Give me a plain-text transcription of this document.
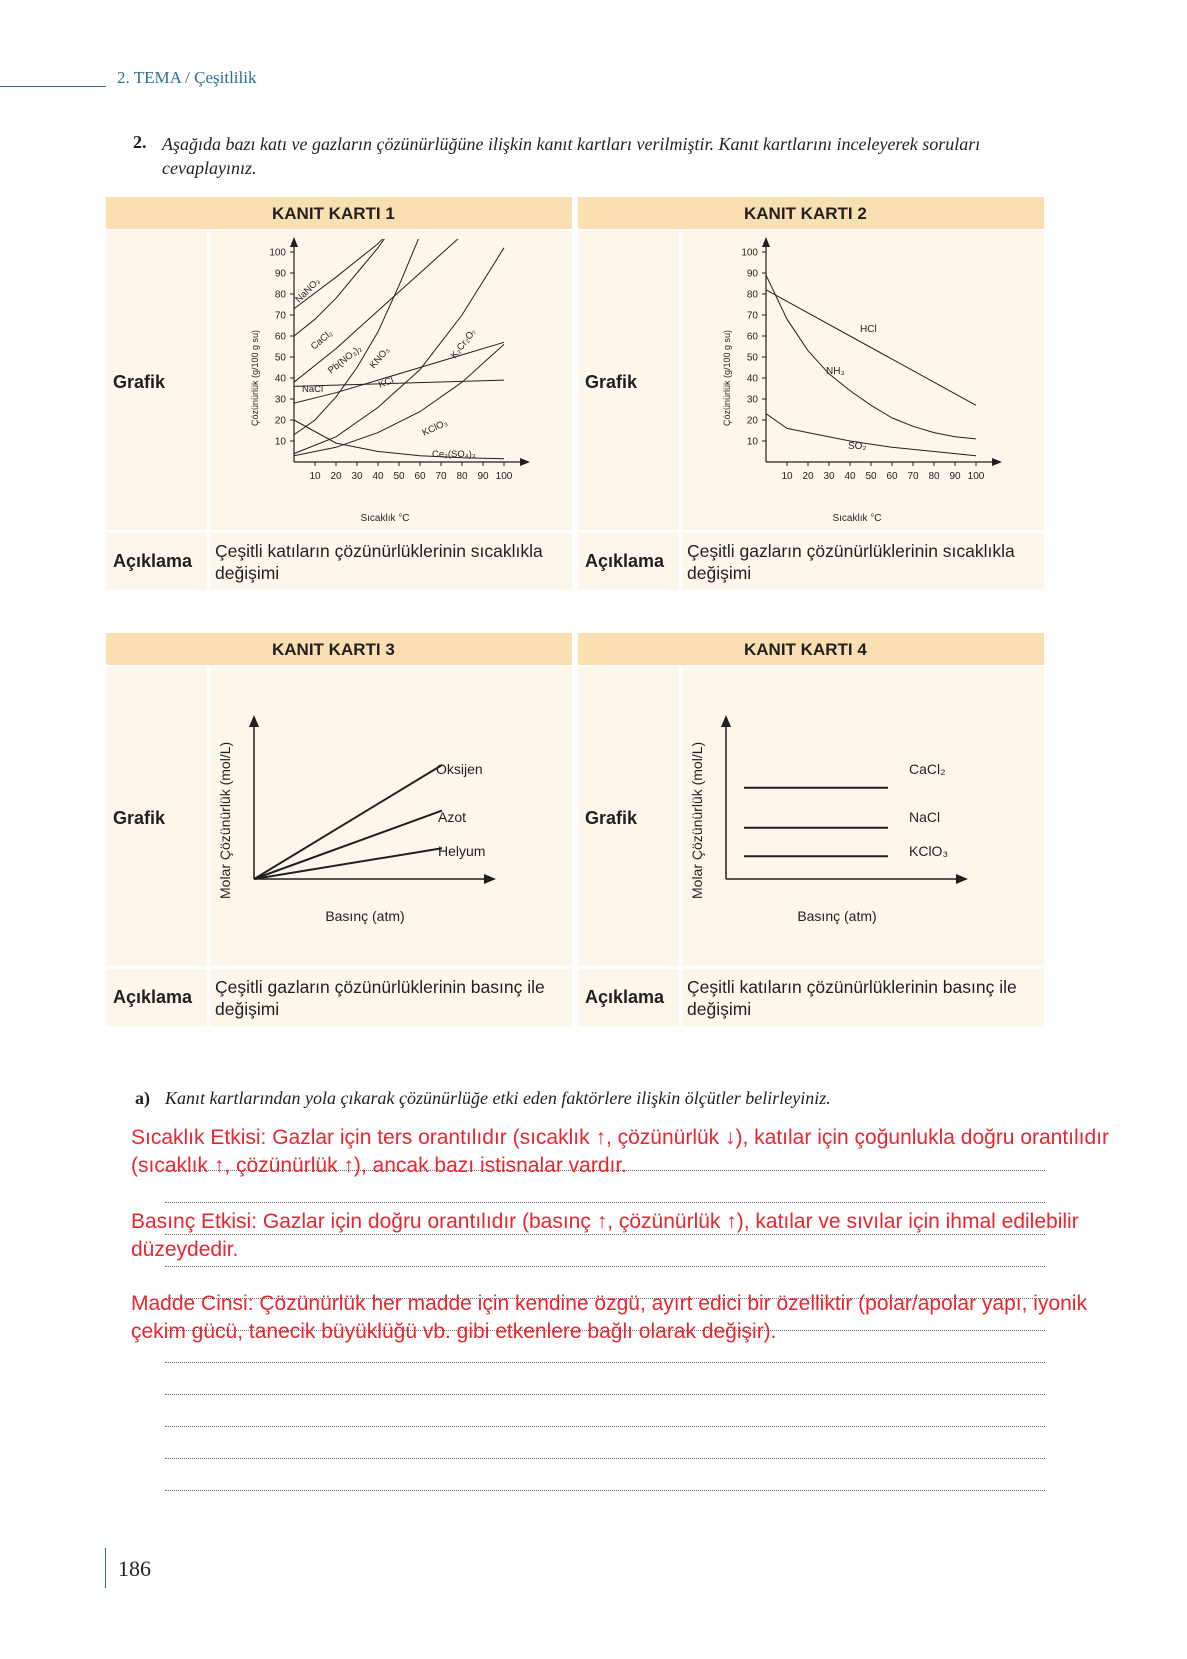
2. TEMA / Çeşitlilik
2. Aşağıda bazı katı ve gazların çözünürlüğüne ilişkin kanıt kartları verilmiştir. Kanıt kartlarını inceleyerek soruları cevaplayınız.
KANIT KARTI 1
Grafik
10
20
30
40
50
60
70
80
90
100
10 20 30 40 50 60 70 80 90 100
Çözünürlük (g/100 g su)
Sıcaklık °C
NaNO₃
CaCl₂
Pb(NO₃)₂ KNO₃	K₂Cr₂O₇
KCl
NaCl
KClO₃
Ce₂(SO₄)₃
Açıklama Çeşitli katıların çözünürlüklerinin sıcaklıkla değişimi
KANIT KARTI 2
Grafik
10
20
30
40
50
60
70
80
90
100
10 20 30 40 50 60 70 80 90 100
Çözünürlük (g/100 g su)
Sıcaklık °C
HCl
NH₃
SO₂
Açıklama Çeşitli gazların çözünürlüklerinin sıcaklıkla değişimi
KANIT KARTI 3
Grafik	Molar Çözünürlük (mol/L)
Basınç (atm)
Oksijen
Azot
Helyum
Açıklama Çeşitli gazların çözünürlüklerinin basınç ile değişimi
KANIT KARTI 4
Grafik	Molar Çözünürlük (mol/L)
Basınç (atm)
CaCl₂
NaCl
KClO₃
Açıklama Çeşitli katıların çözünürlüklerinin basınç ile değişimi
a) Kanıt kartlarından yola çıkarak çözünürlüğe etki eden faktörlere ilişkin ölçütler belirleyiniz.
Sıcaklık Etkisi: Gazlar için ters orantılıdır (sıcaklık ↑, çözünürlük ↓), katılar için çoğunlukla doğru orantılıdır (sıcaklık ↑, çözünürlük ↑), ancak bazı istisnalar vardır.
Basınç Etkisi: Gazlar için doğru orantılıdır (basınç ↑, çözünürlük ↑), katılar ve sıvılar için ihmal edilebilir düzeydedir.
Madde Cinsi: Çözünürlük her madde için kendine özgü, ayırt edici bir özelliktir (polar/apolar yapı, iyonik çekim gücü, tanecik büyüklüğü vb. gibi etkenlere bağlı olarak değişir).
186
